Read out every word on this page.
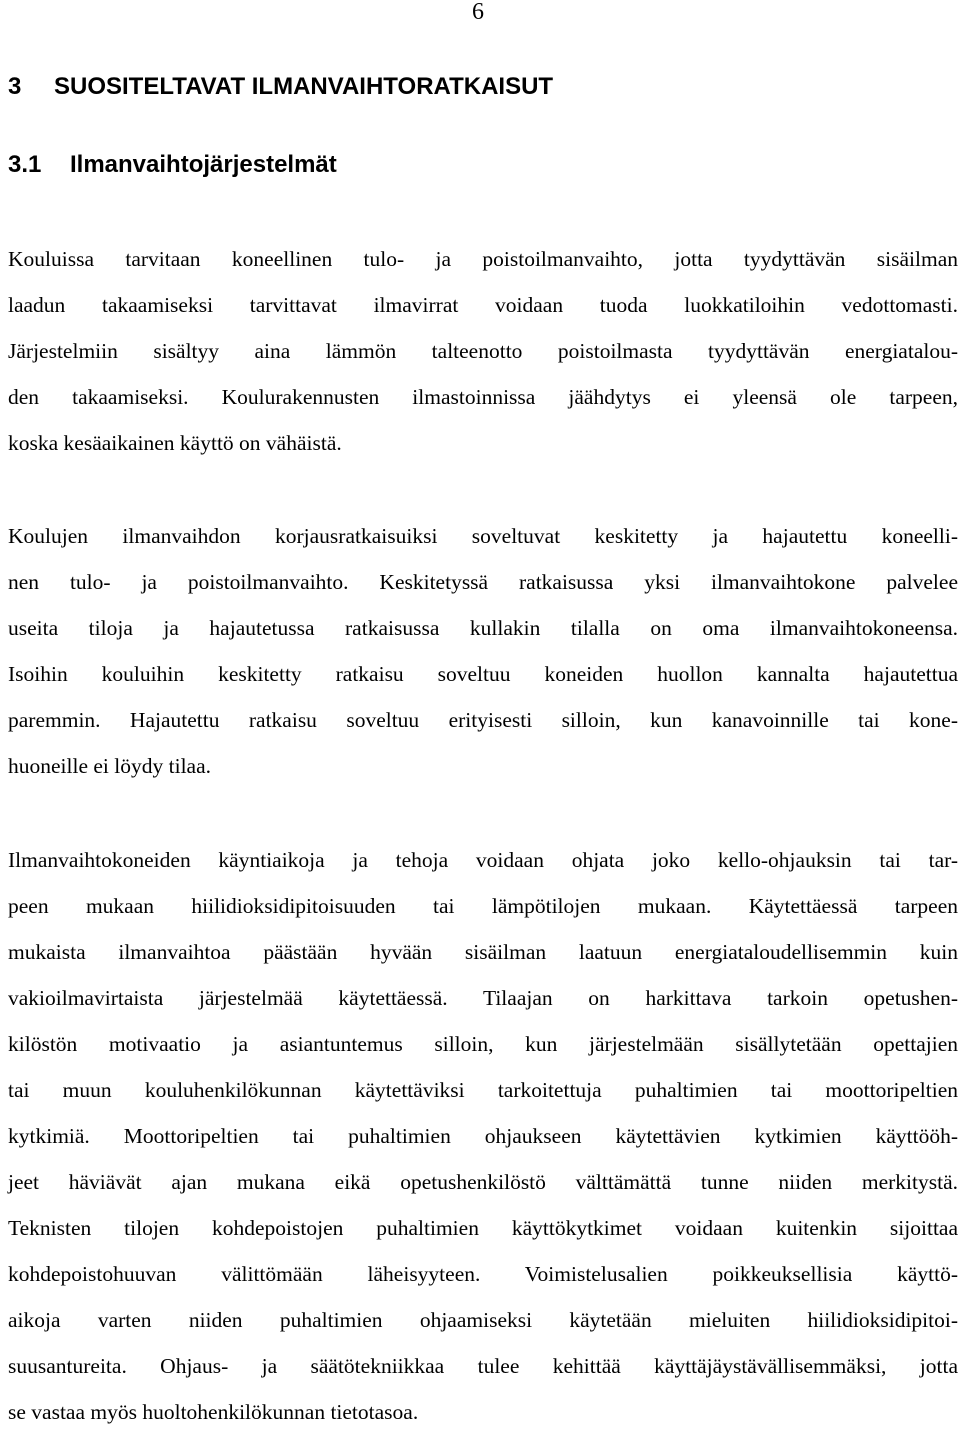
6
3 SUOSITELTAVAT ILMANVAIHTORATKAISUT
3.1 Ilmanvaihtojärjestelmät

Kouluissa tarvitaan koneellinen tulo- ja poistoilmanvaihto, jotta tyydyttävän sisäilman
laadun takaamiseksi tarvittavat ilmavirrat voidaan tuoda luokkatiloihin vedottomasti.
Järjestelmiin sisältyy aina lämmön talteenotto poistoilmasta tyydyttävän energiatalou-
den takaamiseksi. Koulurakennusten ilmastoinnissa jäähdytys ei yleensä ole tarpeen,
koska kesäaikainen käyttö on vähäistä.

Koulujen ilmanvaihdon korjausratkaisuiksi soveltuvat keskitetty ja hajautettu koneelli-
nen tulo- ja poistoilmanvaihto. Keskitetyssä ratkaisussa yksi ilmanvaihtokone palvelee
useita tiloja ja hajautetussa ratkaisussa kullakin tilalla on oma ilmanvaihtokoneensa.
Isoihin kouluihin keskitetty ratkaisu soveltuu koneiden huollon kannalta hajautettua
paremmin. Hajautettu ratkaisu soveltuu erityisesti silloin, kun kanavoinnille tai kone-
huoneille ei löydy tilaa.

Ilmanvaihtokoneiden käyntiaikoja ja tehoja voidaan ohjata joko kello-ohjauksin tai tar-
peen mukaan hiilidioksidipitoisuuden tai lämpötilojen mukaan. Käytettäessä tarpeen
mukaista ilmanvaihtoa päästään hyvään sisäilman laatuun energiataloudellisemmin kuin
vakioilmavirtaista järjestelmää käytettäessä. Tilaajan on harkittava tarkoin opetushen-
kilöstön motivaatio ja asiantuntemus silloin, kun järjestelmään sisällytetään opettajien
tai muun kouluhenkilökunnan käytettäviksi tarkoitettuja puhaltimien tai moottoripeltien
kytkimiä. Moottoripeltien tai puhaltimien ohjaukseen käytettävien kytkimien käyttööh-
jeet häviävät ajan mukana eikä opetushenkilöstö välttämättä tunne niiden merkitystä.
Teknisten tilojen kohdepoistojen puhaltimien käyttökytkimet voidaan kuitenkin sijoittaa
kohdepoistohuuvan välittömään läheisyyteen. Voimistelusalien poikkeuksellisia käyttö-
aikoja varten niiden puhaltimien ohjaamiseksi käytetään mieluiten hiilidioksidipitoi-
suusantureita. Ohjaus- ja säätötekniikkaa tulee kehittää käyttäjäystävällisemmäksi, jotta
se vastaa myös huoltohenkilökunnan tietotasoa.
